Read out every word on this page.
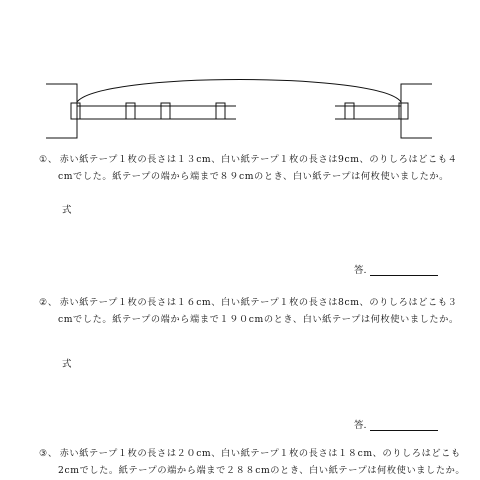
①、 赤い紙テープ１枚の長さは１３cm、白い紙テープ１枚の長さは9cm、のりしろはどこも４
cmでした。紙テープの端から端まで８９cmのとき、白い紙テープは何枚使いましたか。
式
答.
②、 赤い紙テープ１枚の長さは１６cm、白い紙テープ１枚の長さは8cm、のりしろはどこも３
cmでした。紙テープの端から端まで１９０cmのとき、白い紙テープは何枚使いましたか。
式
答.
③、 赤い紙テープ１枚の長さは２０cm、白い紙テープ１枚の長さは１８cm、のりしろはどこも
2cmでした。紙テープの端から端まで２８８cmのとき、白い紙テープは何枚使いましたか。
